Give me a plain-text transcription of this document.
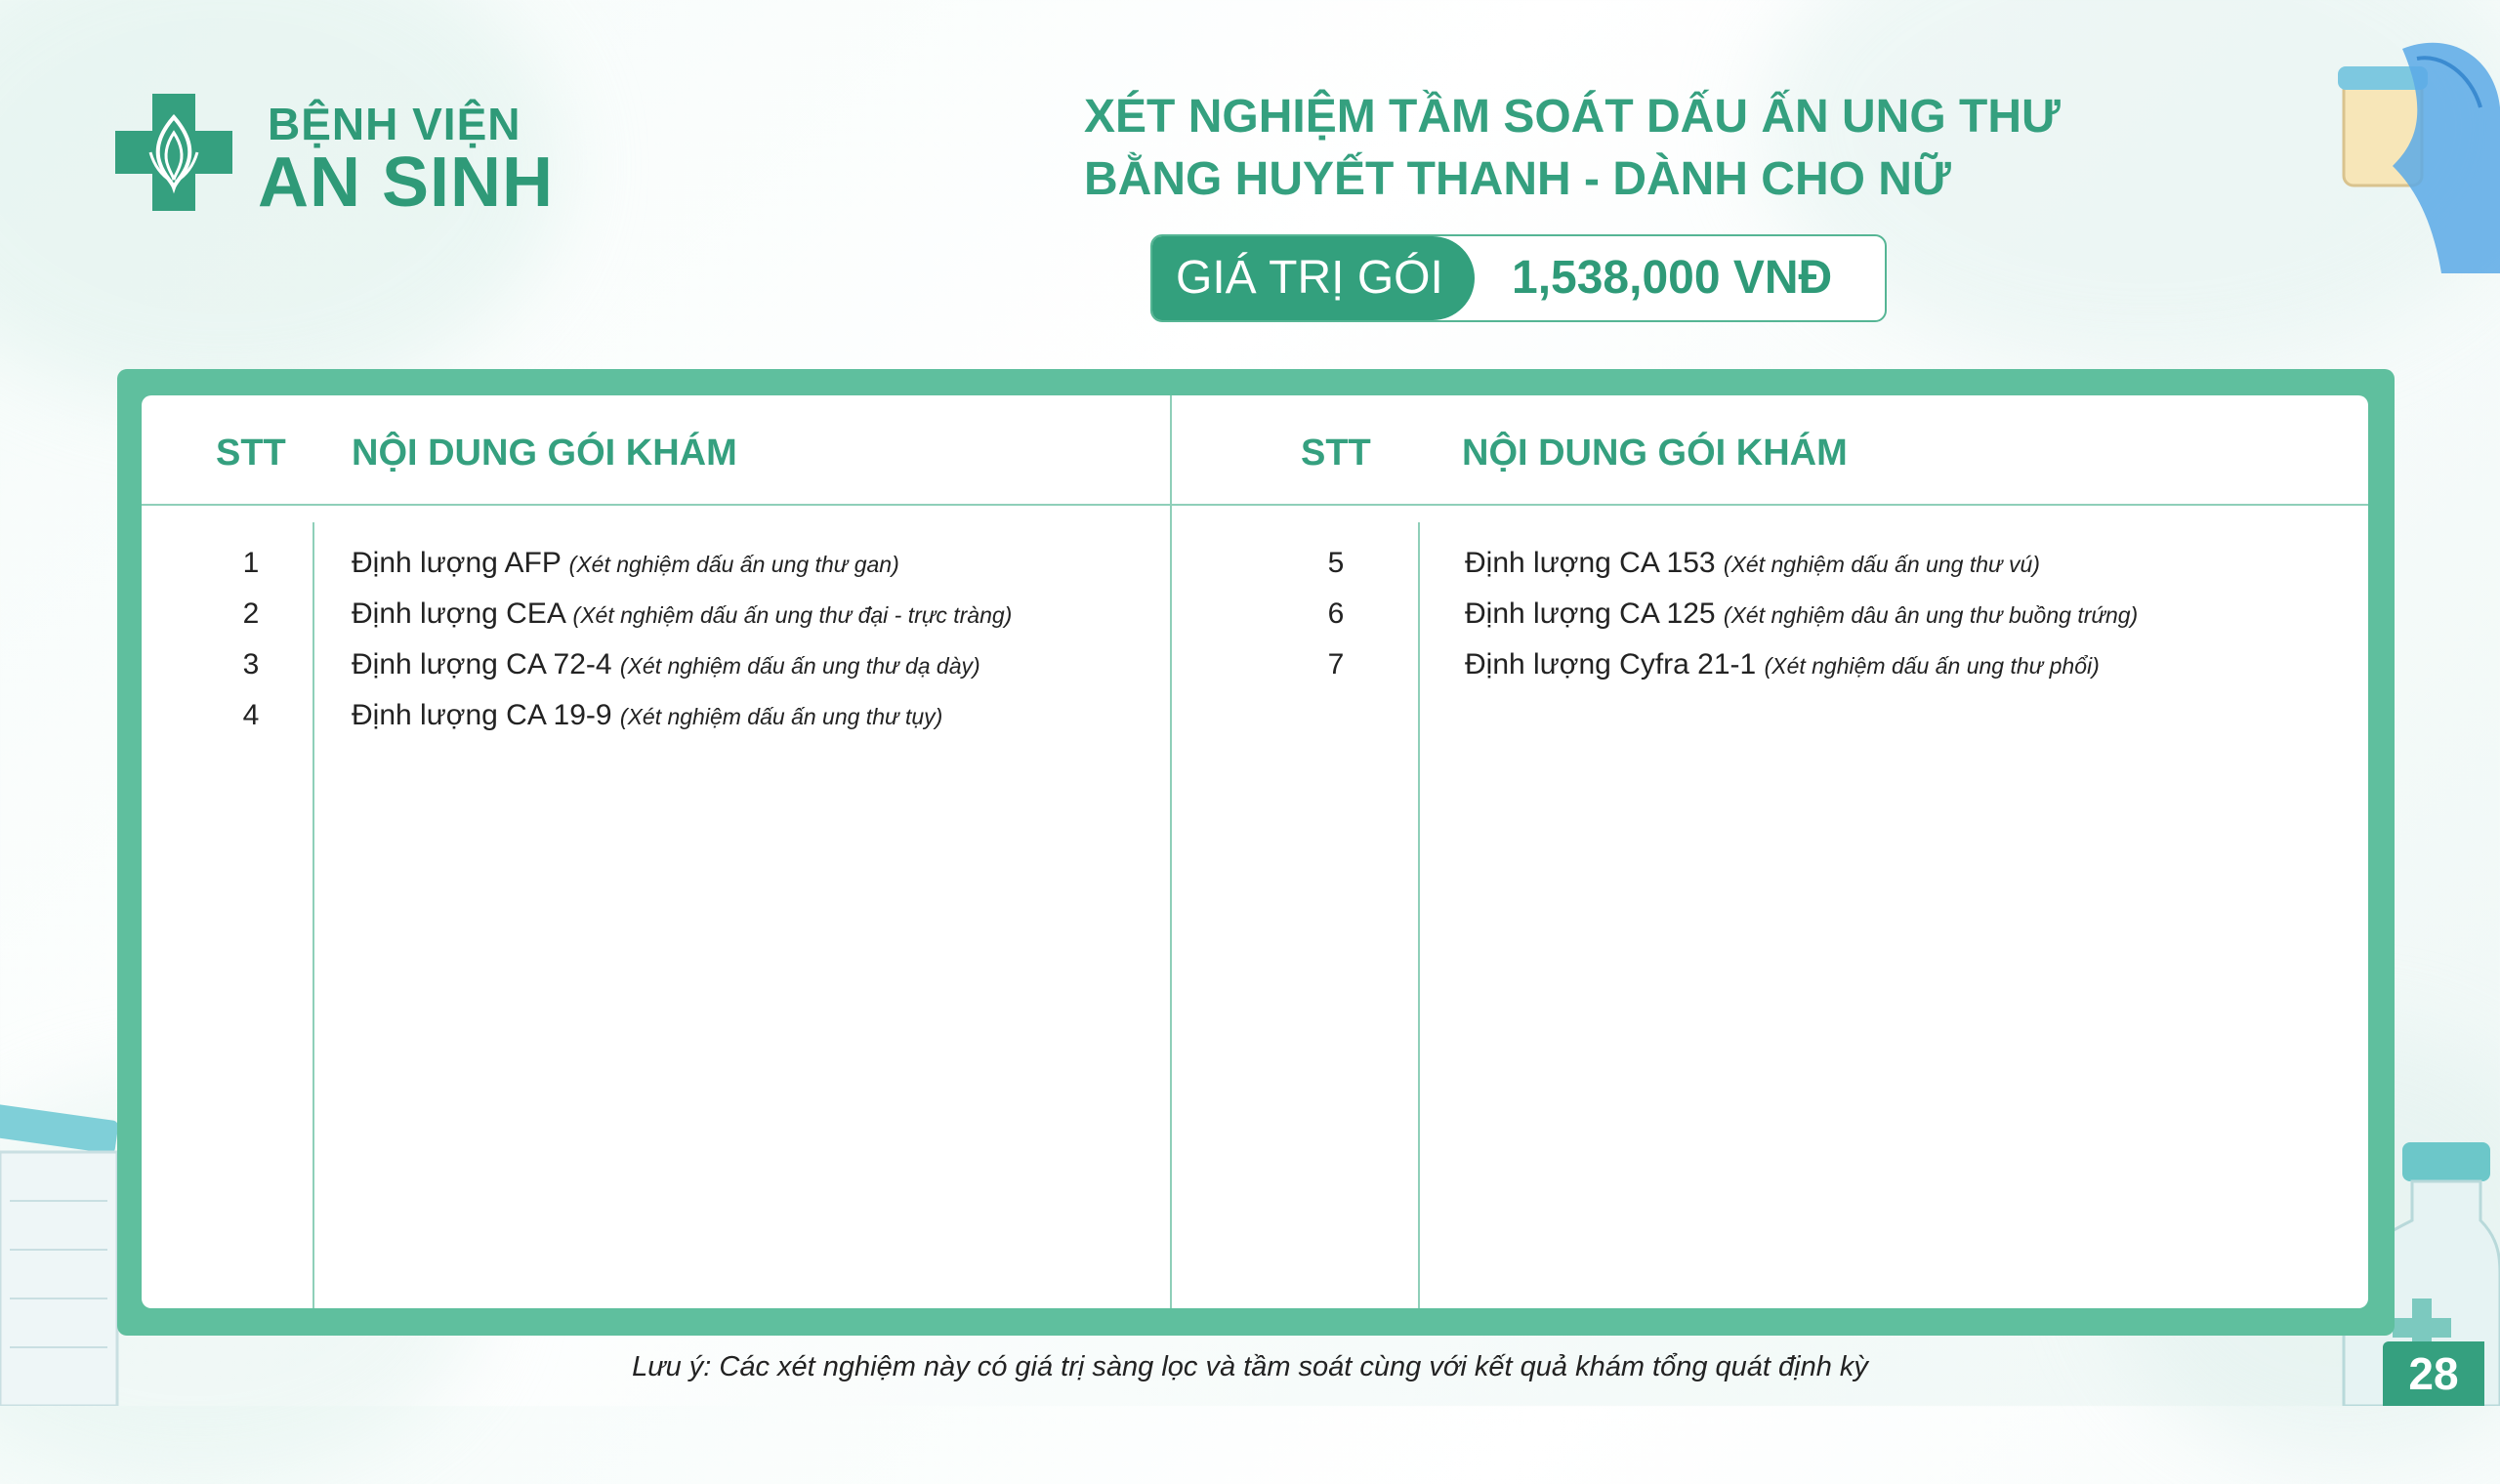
BỆNH VIỆN
AN SINH
XÉT NGHIỆM TẦM SOÁT DẤU ẤN UNG THƯ
BẰNG HUYẾT THANH - DÀNH CHO NỮ
GIÁ TRỊ GÓI	1,538,000 VNĐ
STT NỘI DUNG GÓI KHÁM	STT NỘI DUNG GÓI KHÁM
1	Định lượng AFP (Xét nghiệm dấu ấn ung thư gan)
2	Định lượng CEA (Xét nghiệm dấu ấn ung thư đại - trực tràng)
3	Định lượng CA 72-4 (Xét nghiệm dấu ấn ung thư dạ dày)
4	Định lượng CA 19-9 (Xét nghiệm dấu ấn ung thư tụy)
5	Định lượng CA 153 (Xét nghiệm dấu ấn ung thư vú)
6	Định lượng CA 125 (Xét nghiệm dâu ân ung thư buồng trứng)
7	Định lượng Cyfra 21-1 (Xét nghiệm dấu ấn ung thư phổi)
Lưu ý: Các xét nghiệm này có giá trị sàng lọc và tầm soát cùng với kết quả khám tổng quát định kỳ	28
